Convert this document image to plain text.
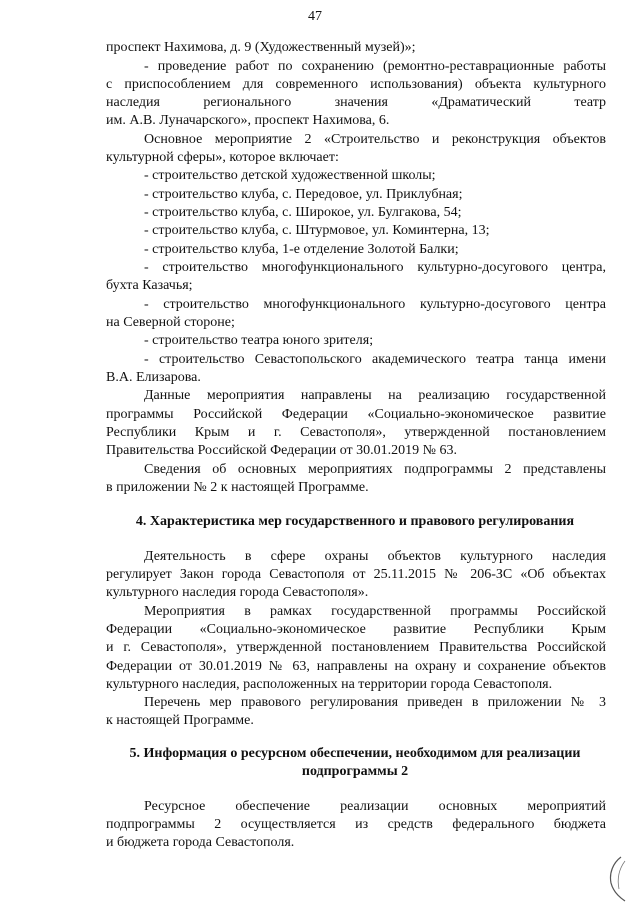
47
проспект Нахимова, д. 9 (Художественный музей)»;
- проведение работ по сохранению (ремонтно-реставрационные работы
с приспособлением для современного использования) объекта культурного
наследия региональногo значения «Драматический театр
им. А.В. Луначарского», проспект Нахимова, 6.
Основное мероприятие 2 «Строительство и реконструкция объектов
культурной сферы», которое включает:
- строительство детской художественной школы;
- строительство клуба, с. Передовое, ул. Приклубная;
- строительство клуба, с. Широкое, ул. Булгакова, 54;
- строительство клуба, с. Штурмовое, ул. Коминтерна, 13;
- строительство клуба, 1-е отделение Золотой Балки;
- строительство многофункционального культурно-досугового центра,
бухта Казачья;
- строительство многофункционального культурно-досугового центра
на Северной стороне;
- строительство театра юного зрителя;
- строительство Севастопольского академического театра танца имени
В.А. Елизарова.
Данные мероприятия направлены на реализацию государственной
программы Российской Федерации «Социально-экономическое развитие
Республики Крым и г. Севастополя», утвержденной постановлением
Правительства Российской Федерации от 30.01.2019 № 63.
Сведения об основных мероприятиях подпрограммы 2 представлены
в приложении № 2 к настоящей Программе.
4. Характеристика мер государственного и правового регулирования
Деятельность в сфере охраны объектов культурного наследия
регулирует Закон города Севастополя от 25.11.2015 № 206-ЗС «Об объектах
культурного наследия города Севастополя».
Мероприятия в рамках государственной программы Российской
Федерации «Социально-экономическое развитие Республики Крым
и г. Севастополя», утвержденной постановлением Правительства Российской
Федерации от 30.01.2019 № 63, направлены на охрану и сохранение объектов
культурного наследия, расположенных на территории города Севастополя.
Перечень мер правового регулирования приведен в приложении № 3
к настоящей Программе.
5. Информация о ресурсном обеспечении, необходимом для реализации
подпрограммы 2
Ресурсное обеспечение реализации основных мероприятий
подпрограммы 2 осуществляется из средств федерального бюджета
и бюджета города Севастополя.
